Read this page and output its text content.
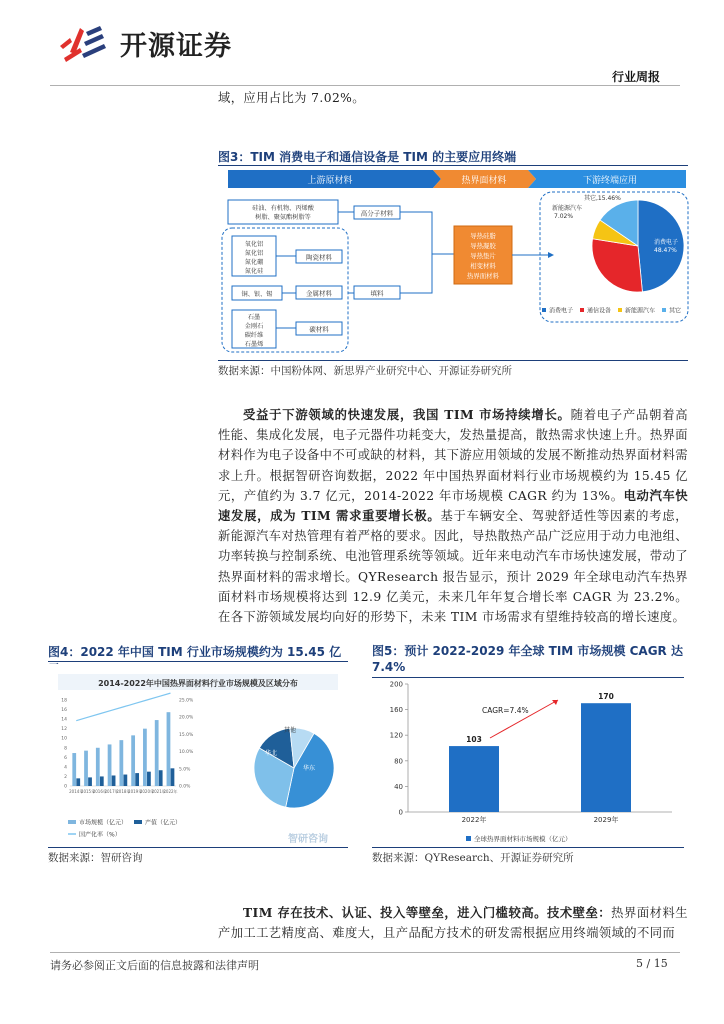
开源证券
行业周报
域，应用占比为 7.02%。
图3：TIM 消费电子和通信设备是 TIM 的主要应用终端
上游原材料	热界面材料	下游终端应用
硅油、有机物、丙烯酸
树脂、聚氨酯树脂等	高分子材料
氧化铝
氮化铝
氮化硼
氮化硅
陶瓷材料
铜、银、锡	金属材料
石墨
金刚石
碳纤维
石墨烯
碳材料
填料
导热硅脂
导热凝胶
导热垫片
相变材料
热界面材料
其它,15.46%
新能源汽车
7.02%
消费电子
48.47%
通信设备
29.05%
消费电子 通信设备 新能源汽车 其它
数据来源：中国粉体网、新思界产业研究中心、开源证券研究所
受益于下游领域的快速发展，我国 TIM 市场持续增长。随着电子产品朝着高性能、集成化发展，电子元器件功耗变大，发热量提高，散热需求快速上升。热界面材料作为电子设备中不可或缺的材料，其下游应用领域的发展不断推动热界面材料需求上升。根据智研咨询数据，2022 年中国热界面材料行业市场规模约为 15.45 亿元，产值约为 3.7 亿元，2014-2022 年市场规模 CAGR 约为 13%。电动汽车快速发展，成为 TIM 需求重要增长极。基于车辆安全、驾驶舒适性等因素的考虑，新能源汽车对热管理有着严格的要求。因此，导热散热产品广泛应用于动力电池组、功率转换与控制系统、电池管理系统等领域。近年来电动汽车市场快速发展，带动了热界面材料的需求增长。QYResearch 报告显示，预计 2029 年全球电动汽车热界面材料市场规模将达到 12.9 亿美元，未来几年年复合增长率 CAGR 为 23.2%。在各下游领域发展均向好的形势下，未来 TIM 市场需求有望维持较高的增长速度。
图4：2022 年中国 TIM 行业市场规模约为 15.45 亿
2014-2022年中国热界面材料行业市场规模及区域分布
0
2
4
6
8
10
12
14
16
18
0.0%
5.0%
10.0%
15.0%
20.0%
25.0%
2014年
2015年
2016年
2017年
2018年
2019年
2020年
2021年
2022年
华东
华南
华北
其他
市场规模（亿元）	产值（亿元）
国产化率（%）	智研咨询
数据来源：智研咨询
图5：预计 2022-2029 年全球 TIM 市场规模 CAGR 达 7.4%
0
40
80
120
160
200
103
2022年
170
2029年
CAGR=7.4%
全球热界面材料市场规模（亿元）
数据来源：QYResearch、开源证券研究所
TIM 存在技术、认证、投入等壁垒，进入门槛较高。技术壁垒：热界面材料生产加工工艺精度高、难度大，且产品配方技术的研发需根据应用终端领域的不同而
请务必参阅正文后面的信息披露和法律声明	5 / 15
